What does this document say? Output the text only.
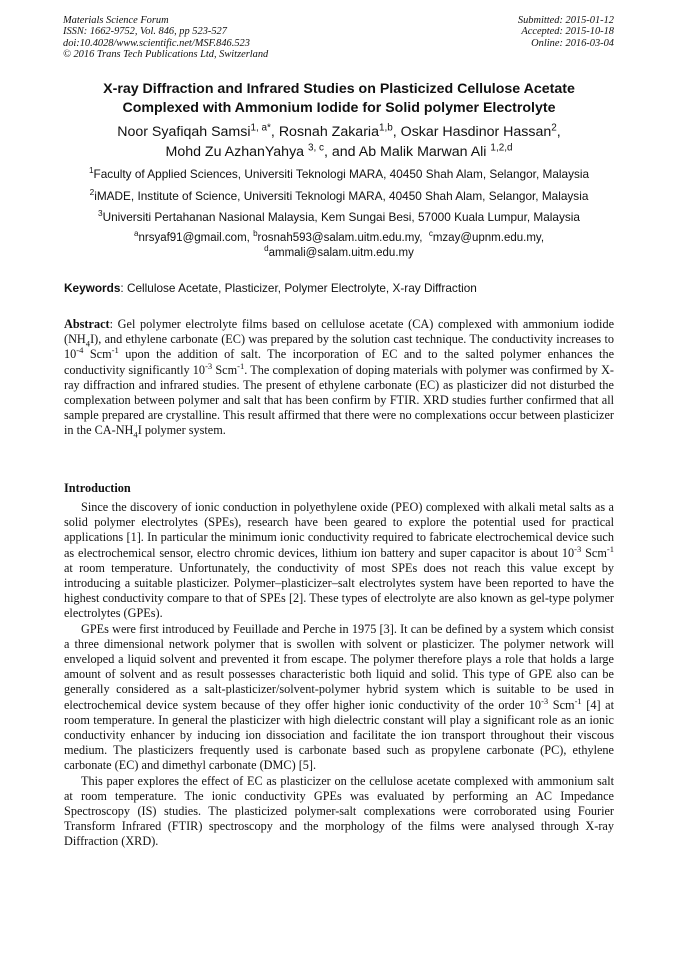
Materials Science Forum
ISSN: 1662-9752, Vol. 846, pp 523-527
doi:10.4028/www.scientific.net/MSF.846.523
© 2016 Trans Tech Publications Ltd, Switzerland
Submitted: 2015-01-12
Accepted: 2015-10-18
Online: 2016-03-04
X-ray Diffraction and Infrared Studies on Plasticized Cellulose Acetate
Complexed with Ammonium Iodide for Solid polymer Electrolyte
Noor Syafiqah Samsi$^{1, a*}$, Rosnah Zakaria$^{1,b}$, Oskar Hasdinor Hassan$^2$,
Mohd Zu AzhanYahya $^{3, c}$, and Ab Malik Marwan Ali $^{1,2,d}$
$^1$Faculty of Applied Sciences, Universiti Teknologi MARA, 40450 Shah Alam, Selangor, Malaysia
$^2$iMADE, Institute of Science, Universiti Teknologi MARA, 40450 Shah Alam, Selangor, Malaysia
$^3$Universiti Pertahanan Nasional Malaysia, Kem Sungai Besi, 57000 Kuala Lumpur, Malaysia
$^a$nrsyaf91@gmail.com, $^b$rosnah593@salam.uitm.edu.my, $^c$mzay@upnm.edu.my,
$^d$ammali@salam.uitm.edu.my
Keywords: Cellulose Acetate, Plasticizer, Polymer Electrolyte, X-ray Diffraction

Abstract: Gel polymer electrolyte films based on cellulose acetate (CA) complexed with ammonium iodide $(NH_4I)$, and ethylene carbonate (EC) was prepared by the solution cast technique. The conductivity increases to $10^{-4}$ Scm$^{-1}$ upon the addition of salt. The incorporation of EC and to the salted polymer enhances the conductivity significantly $10^{-3}$ Scm$^{-1}$. The complexation of doping materials with polymer was confirmed by X-ray diffraction and infrared studies. The present of ethylene carbonate (EC) as plasticizer did not disturbed the complexation between polymer and salt that has been confirm by FTIR. XRD studies further confirmed that all sample prepared are crystalline. This result affirmed that there were no complexations occur between plasticizer in the $CA-NH_4I$ polymer system.

Introduction

Since the discovery of ionic conduction in polyethylene oxide (PEO) complexed with alkali metal salts as a solid polymer electrolytes (SPEs), research have been geared to explore the potential used for practical applications [1]. In particular the minimum ionic conductivity required to fabricate electrochemical device such as electrochemical sensor, electro chromic devices, lithium ion battery and super capacitor is about $10^{-3}$ Scm$^{-1}$ at room temperature. Unfortunately, the conductivity of most SPEs does not reach this value except by introducing a suitable plasticizer. Polymer–plasticizer–salt electrolytes system have been reported to have the highest conductivity compare to that of SPEs [2]. These types of electrolyte are also known as gel-type polymer electrolytes (GPEs).

GPEs were first introduced by Feuillade and Perche in 1975 [3]. It can be defined by a system which consist a three dimensional network polymer that is swollen with solvent or plasticizer. The polymer network will enveloped a liquid solvent and prevented it from escape. The polymer therefore plays a role that holds a large amount of solvent and as result possesses characteristic both liquid and solid. This type of GPE also can be generally considered as a salt-plasticizer/solvent-polymer hybrid system which is suitable to be used in electrochemical device system because of they offer higher ionic conductivity of the order $10^{-3}$ Scm$^{-1}$ [4] at room temperature. In general the plasticizer with high dielectric constant will play a significant role as an ionic conductivity enhancer by inducing ion dissociation and facilitate the ion transport throughout their viscous medium. The plasticizers frequently used is carbonate based such as propylene carbonate (PC), ethylene carbonate (EC) and dimethyl carbonate (DMC) [5].

This paper explores the effect of EC as plasticizer on the cellulose acetate complexed with ammonium salt at room temperature. The ionic conductivity GPEs was evaluated by performing an AC Impedance Spectroscopy (IS) studies. The plasticized polymer-salt complexations were corroborated using Fourier Transform Infrared (FTIR) spectroscopy and the morphology of the films were analysed through X-ray Diffraction (XRD).
